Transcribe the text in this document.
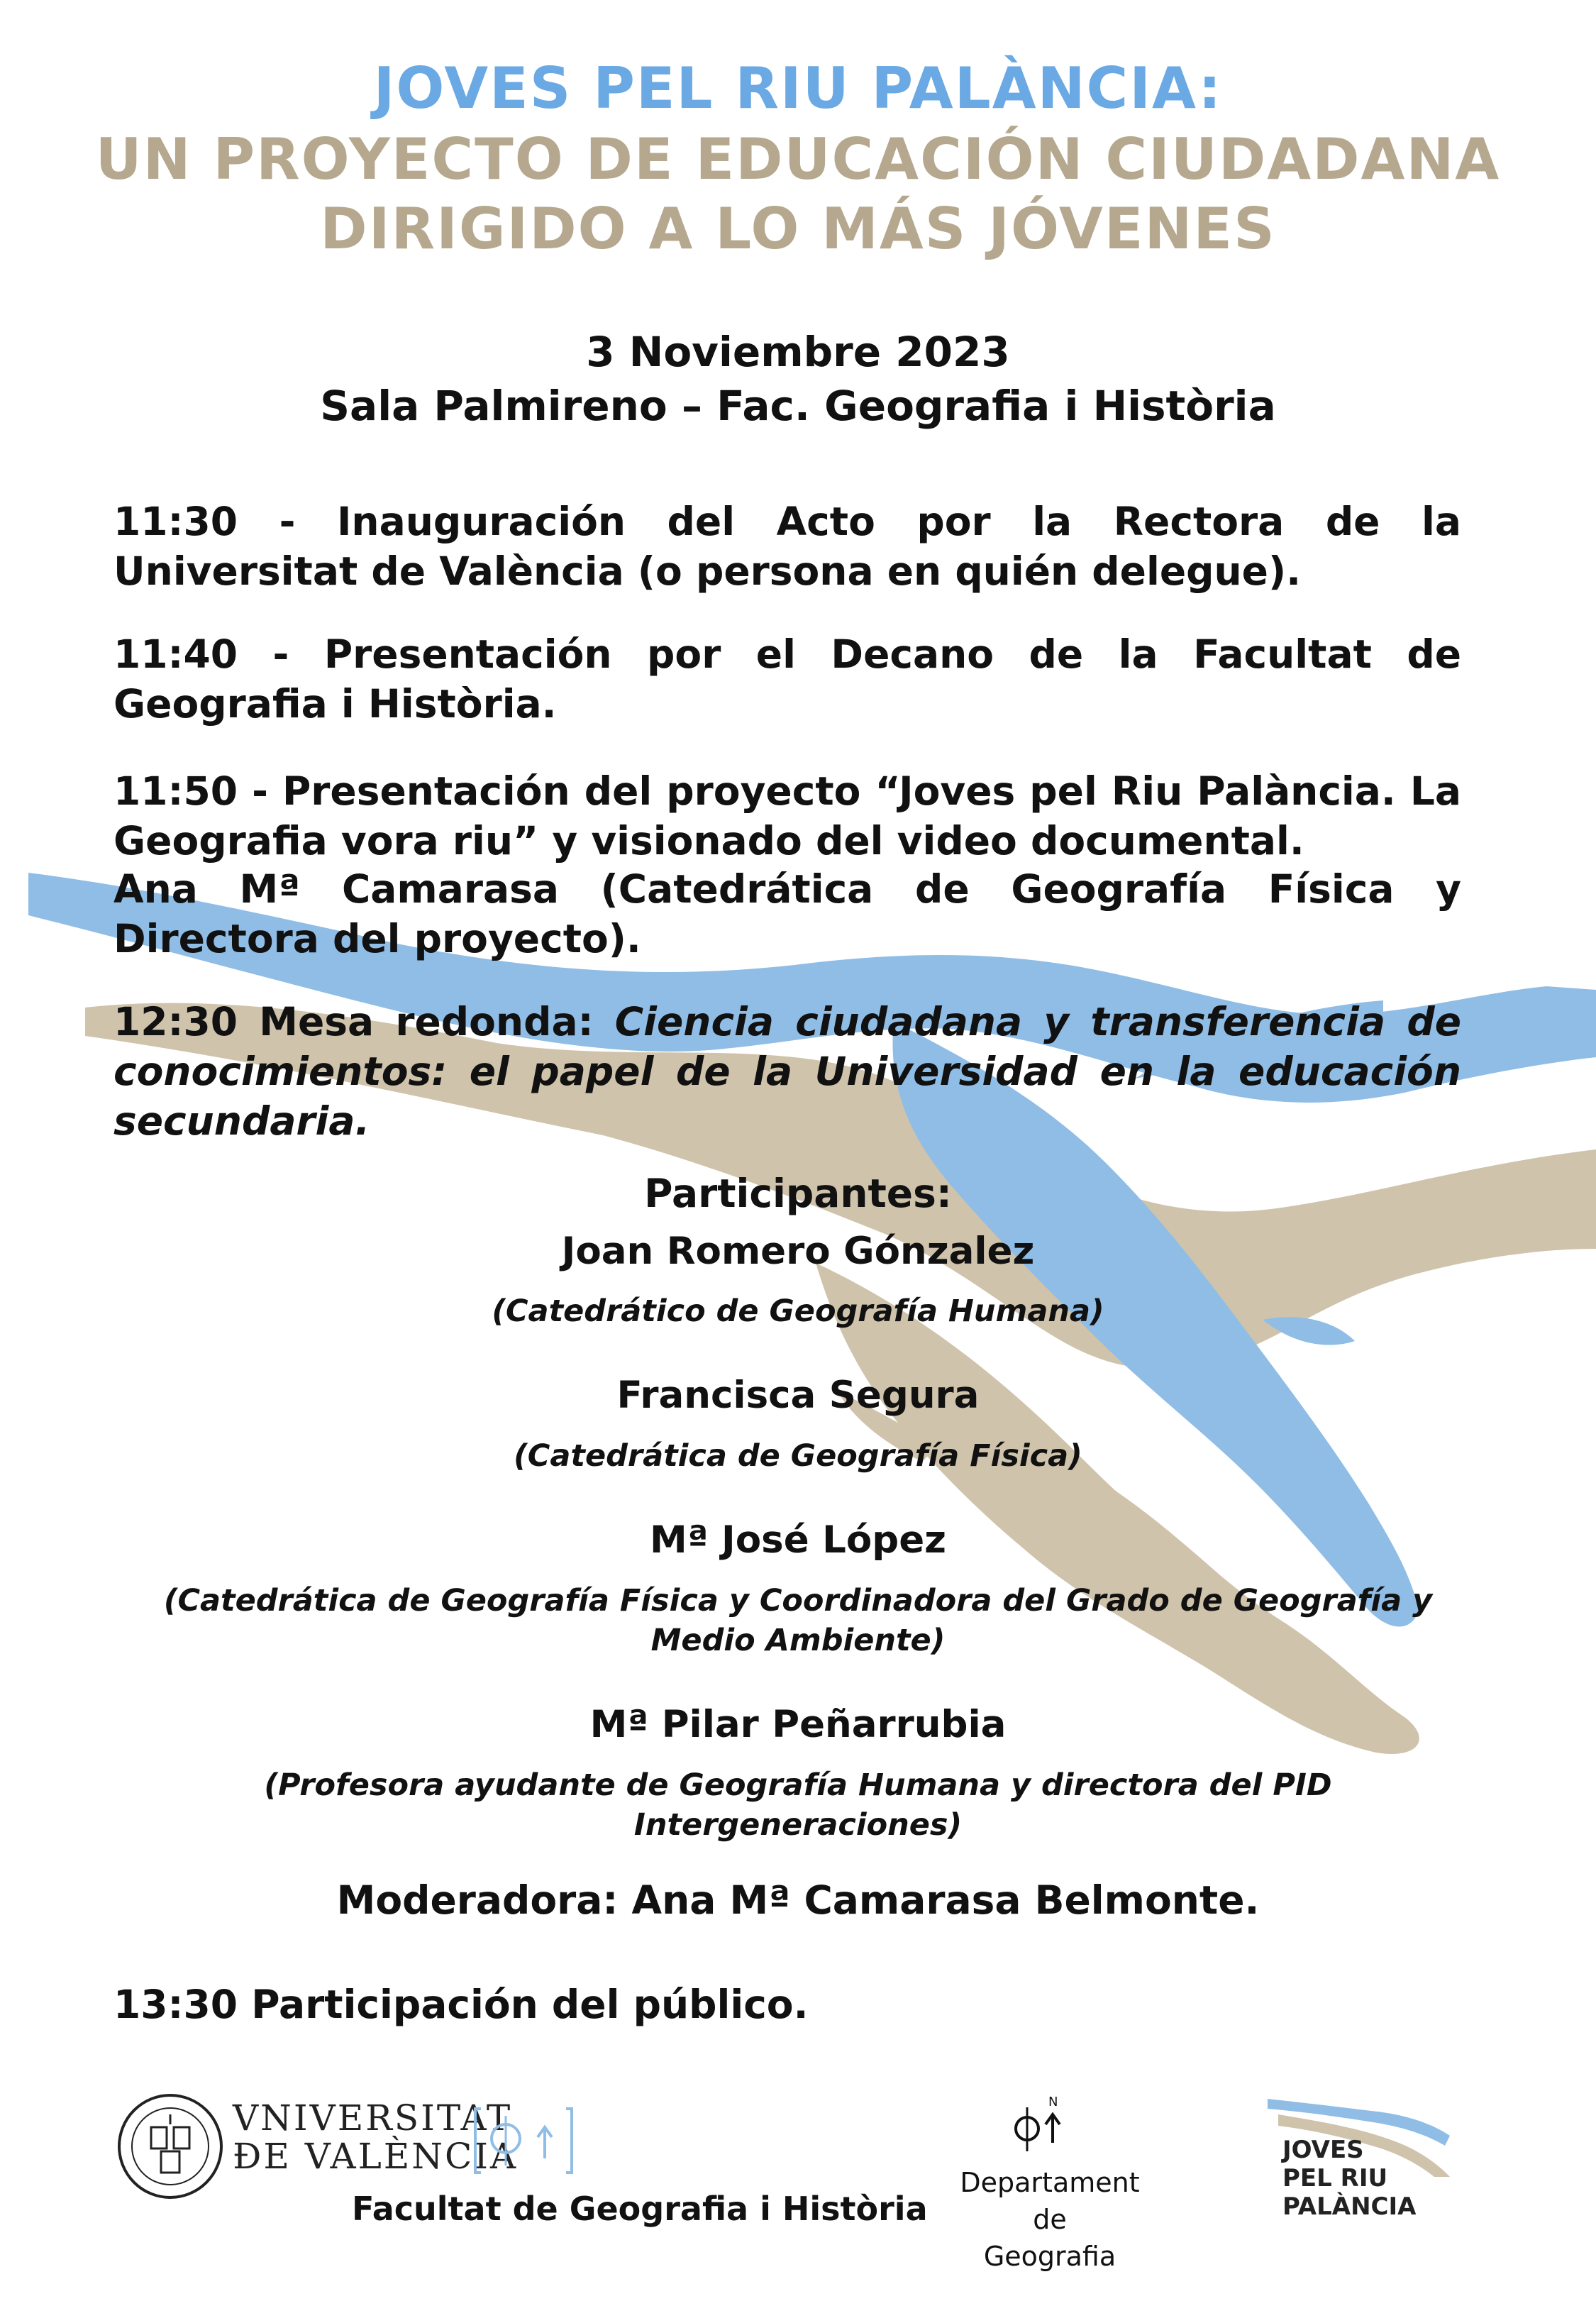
JOVES PEL RIU PALÀNCIA:
UN PROYECTO DE EDUCACIÓN CIUDADANA
DIRIGIDO A LO MÁS JÓVENES
3 Noviembre 2023
Sala Palmireno – Fac. Geografia i Història
11:30 - Inauguración del Acto por la Rectora de la Universitat de València (o persona en quién delegue).
11:40 - Presentación por el Decano de la Facultat de Geografia i Història.
11:50 - Presentación del proyecto “Joves pel Riu Palància. La Geografia vora riu” y visionado del video documental.
Ana Mª Camarasa (Catedrática de Geografía Física y Directora del proyecto).
12:30 Mesa redonda: Ciencia ciudadana y transferencia de conocimientos: el papel de la Universidad en la educación secundaria.
Participantes:
Joan Romero Gónzalez
(Catedrático de Geografía Humana)
Francisca Segura
(Catedrática de Geografía Física)
Mª José López
(Catedrática de Geografía Física y Coordinadora del Grado de Geografía y Medio Ambiente)
Mª Pilar Peñarrubia
(Profesora ayudante de Geografía Humana y directora del PID Intergeneraciones)
Moderadora: Ana Mª Camarasa Belmonte.
13:30 Participación del público.
VNIVERSITAT
ÐE VALÈNCIA
Facultat de Geografia i Història
N
Departament de
Geografia
JOVES
PEL RIU
PALÀNCIA
